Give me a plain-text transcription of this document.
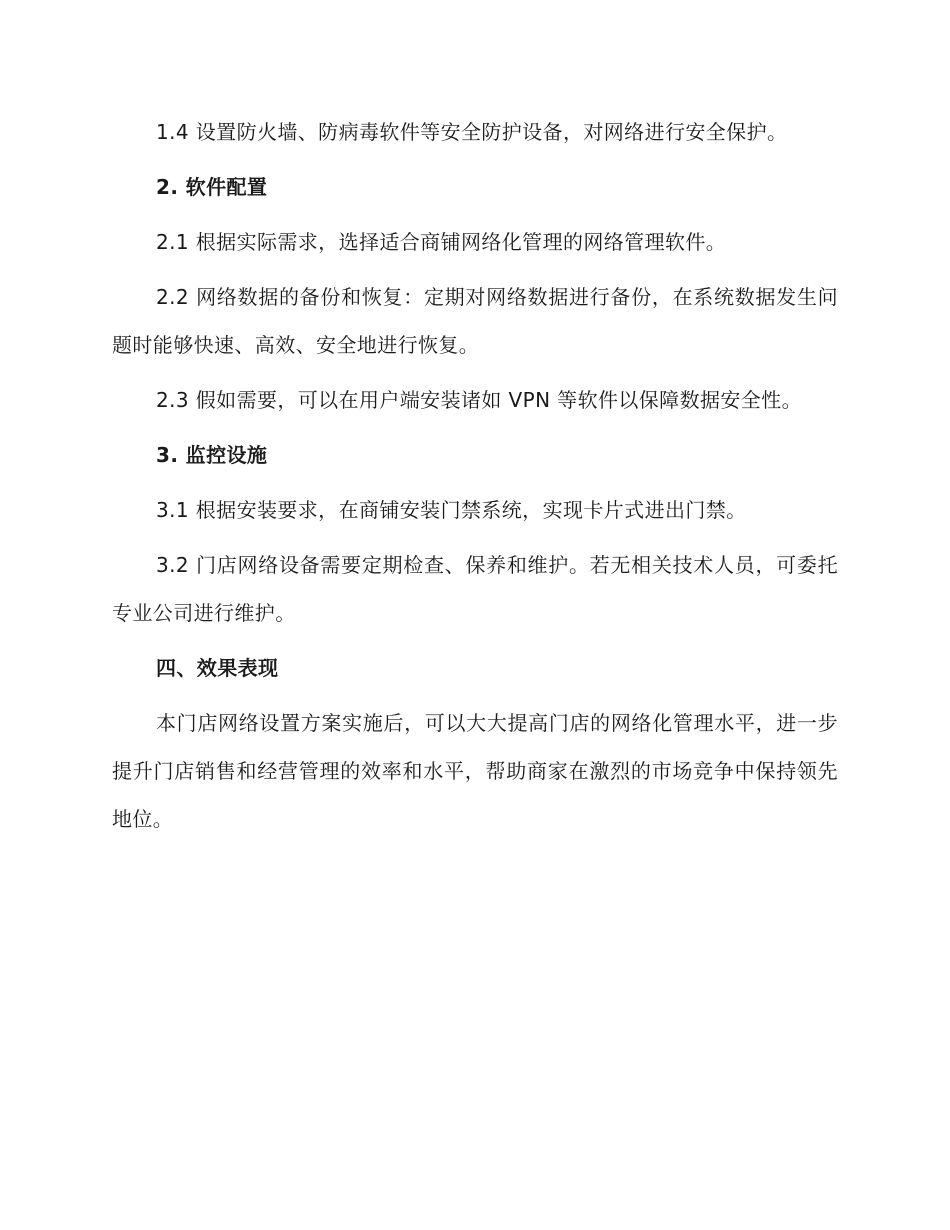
1.4 设置防火墙、防病毒软件等安全防护设备，对网络进行安全保护。

2. 软件配置

2.1 根据实际需求，选择适合商铺网络化管理的网络管理软件。

2.2 网络数据的备份和恢复：定期对网络数据进行备份，在系统数据发生问题时能够快速、高效、安全地进行恢复。

2.3 假如需要，可以在用户端安装诸如 VPN 等软件以保障数据安全性。

3. 监控设施

3.1 根据安装要求，在商铺安装门禁系统，实现卡片式进出门禁。

3.2 门店网络设备需要定期检查、保养和维护。若无相关技术人员，可委托专业公司进行维护。

四、效果表现

本门店网络设置方案实施后，可以大大提高门店的网络化管理水平，进一步提升门店销售和经营管理的效率和水平，帮助商家在激烈的市场竞争中保持领先地位。
